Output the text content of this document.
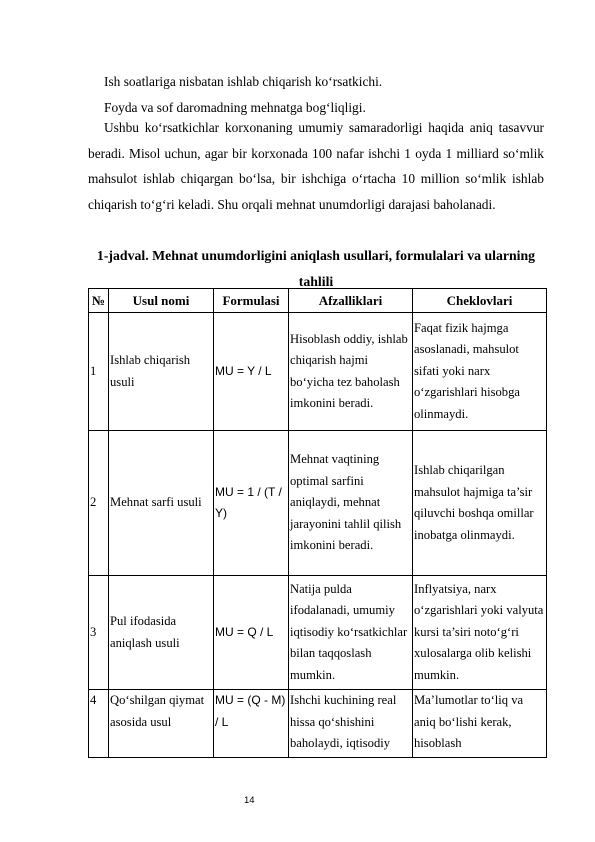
Ish soatlariga nisbatan ishlab chiqarish ko‘rsatkichi.
Foyda va sof daromadning mehnatga bog‘liqligi.
Ushbu ko‘rsatkichlar korxonaning umumiy samaradorligi haqida aniq tasavvur beradi. Misol uchun, agar bir korxonada 100 nafar ishchi 1 oyda 1 milliard so‘mlik mahsulot ishlab chiqargan bo‘lsa, bir ishchiga o‘rtacha 10 million so‘mlik ishlab chiqarish to‘g‘ri keladi. Shu orqali mehnat unumdorligi darajasi baholanadi.
1-jadval. Mehnat unumdorligini aniqlash usullari, formulalari va ularning tahlili
№	Usul nomi	Formulasi	Afzalliklari	Cheklovlari
1	Ishlab chiqarish usuli	MU = Y / L	Hisoblash oddiy, ishlab chiqarish hajmi bo‘yicha tez baholash imkonini beradi.	Faqat fizik hajmga asoslanadi, mahsulot sifati yoki narx o‘zgarishlari hisobga olinmaydi.
2	Mehnat sarfi usuli	MU = 1 / (T / Y)	Mehnat vaqtining optimal sarfini aniqlaydi, mehnat jarayonini tahlil qilish imkonini beradi.	Ishlab chiqarilgan mahsulot hajmiga ta’sir qiluvchi boshqa omillar inobatga olinmaydi.
3	Pul ifodasida aniqlash usuli	MU = Q / L	Natija pulda ifodalanadi, umumiy iqtisodiy ko‘rsatkichlar bilan taqqoslash mumkin.	Inflyatsiya, narx o‘zgarishlari yoki valyuta kursi ta’siri noto‘g‘ri xulosalarga olib kelishi mumkin.
4	Qo‘shilgan qiymat asosida usul	MU = (Q - M) / L	Ishchi kuchining real hissa qo‘shishini baholaydi, iqtisodiy	Ma’lumotlar to‘liq va aniq bo‘lishi kerak, hisoblash
14
